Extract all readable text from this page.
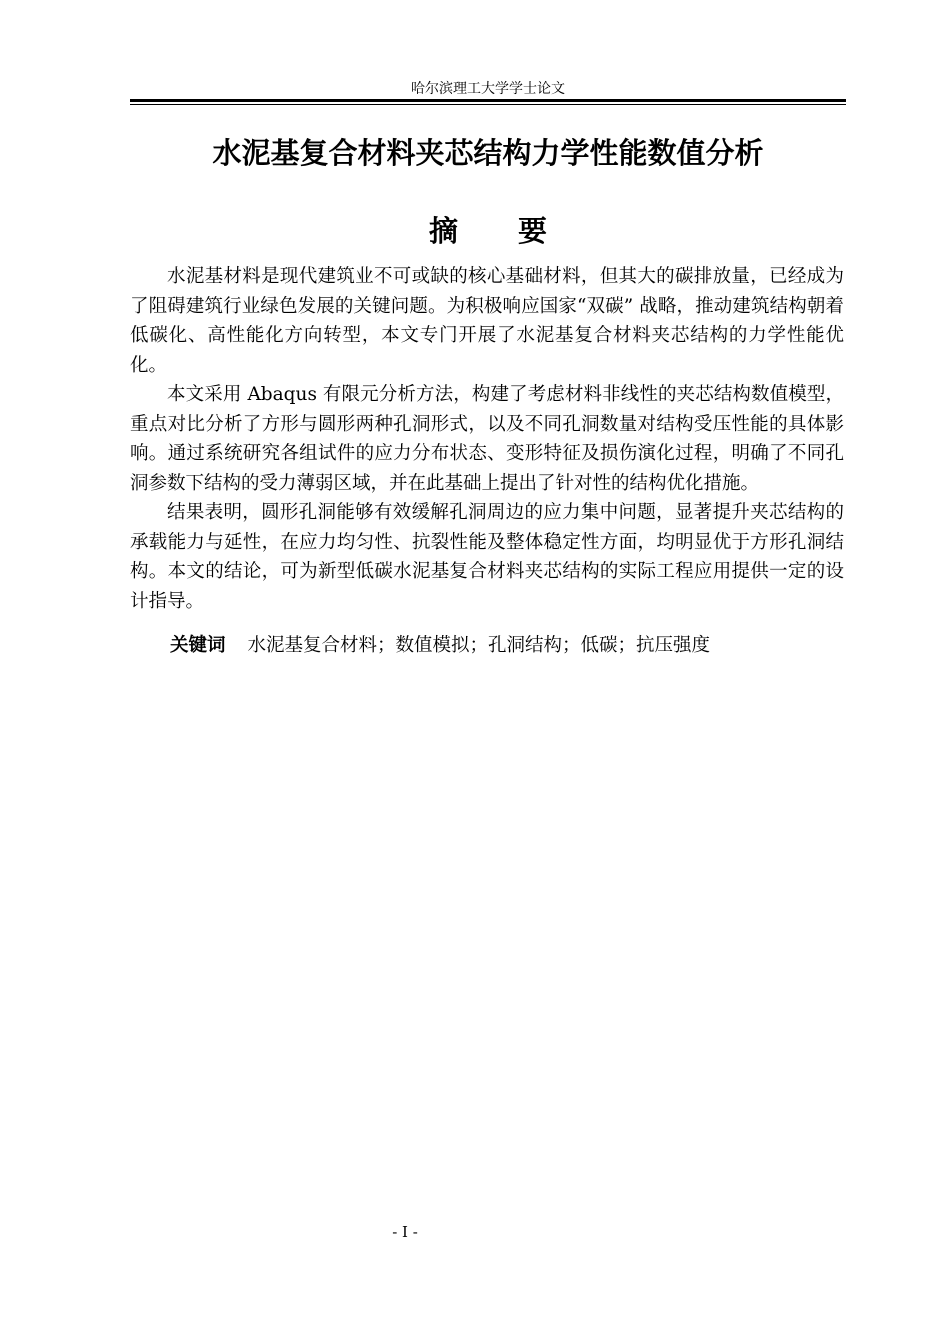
哈尔滨理工大学学士论文
水泥基复合材料夹芯结构力学性能数值分析
摘要

水泥基材料是现代建筑业不可或缺的核心基础材料，但其大的碳排放量，已经成为了阻碍建筑行业绿色发展的关键问题。为积极响应国家“双碳” 战略，推动建筑结构朝着低碳化、高性能化方向转型，本文专门开展了水泥基复合材料夹芯结构的力学性能优化。

本文采用 Abaqus 有限元分析方法，构建了考虑材料非线性的夹芯结构数值模型，重点对比分析了方形与圆形两种孔洞形式，以及不同孔洞数量对结构受压性能的具体影响。通过系统研究各组试件的应力分布状态、变形特征及损伤演化过程，明确了不同孔洞参数下结构的受力薄弱区域，并在此基础上提出了针对性的结构优化措施。

结果表明，圆形孔洞能够有效缓解孔洞周边的应力集中问题，显著提升夹芯结构的承载能力与延性，在应力均匀性、抗裂性能及整体稳定性方面，均明显优于方形孔洞结构。本文的结论，可为新型低碳水泥基复合材料夹芯结构的实际工程应用提供一定的设计指导。

关键词 水泥基复合材料；数值模拟；孔洞结构；低碳；抗压强度
- I -
